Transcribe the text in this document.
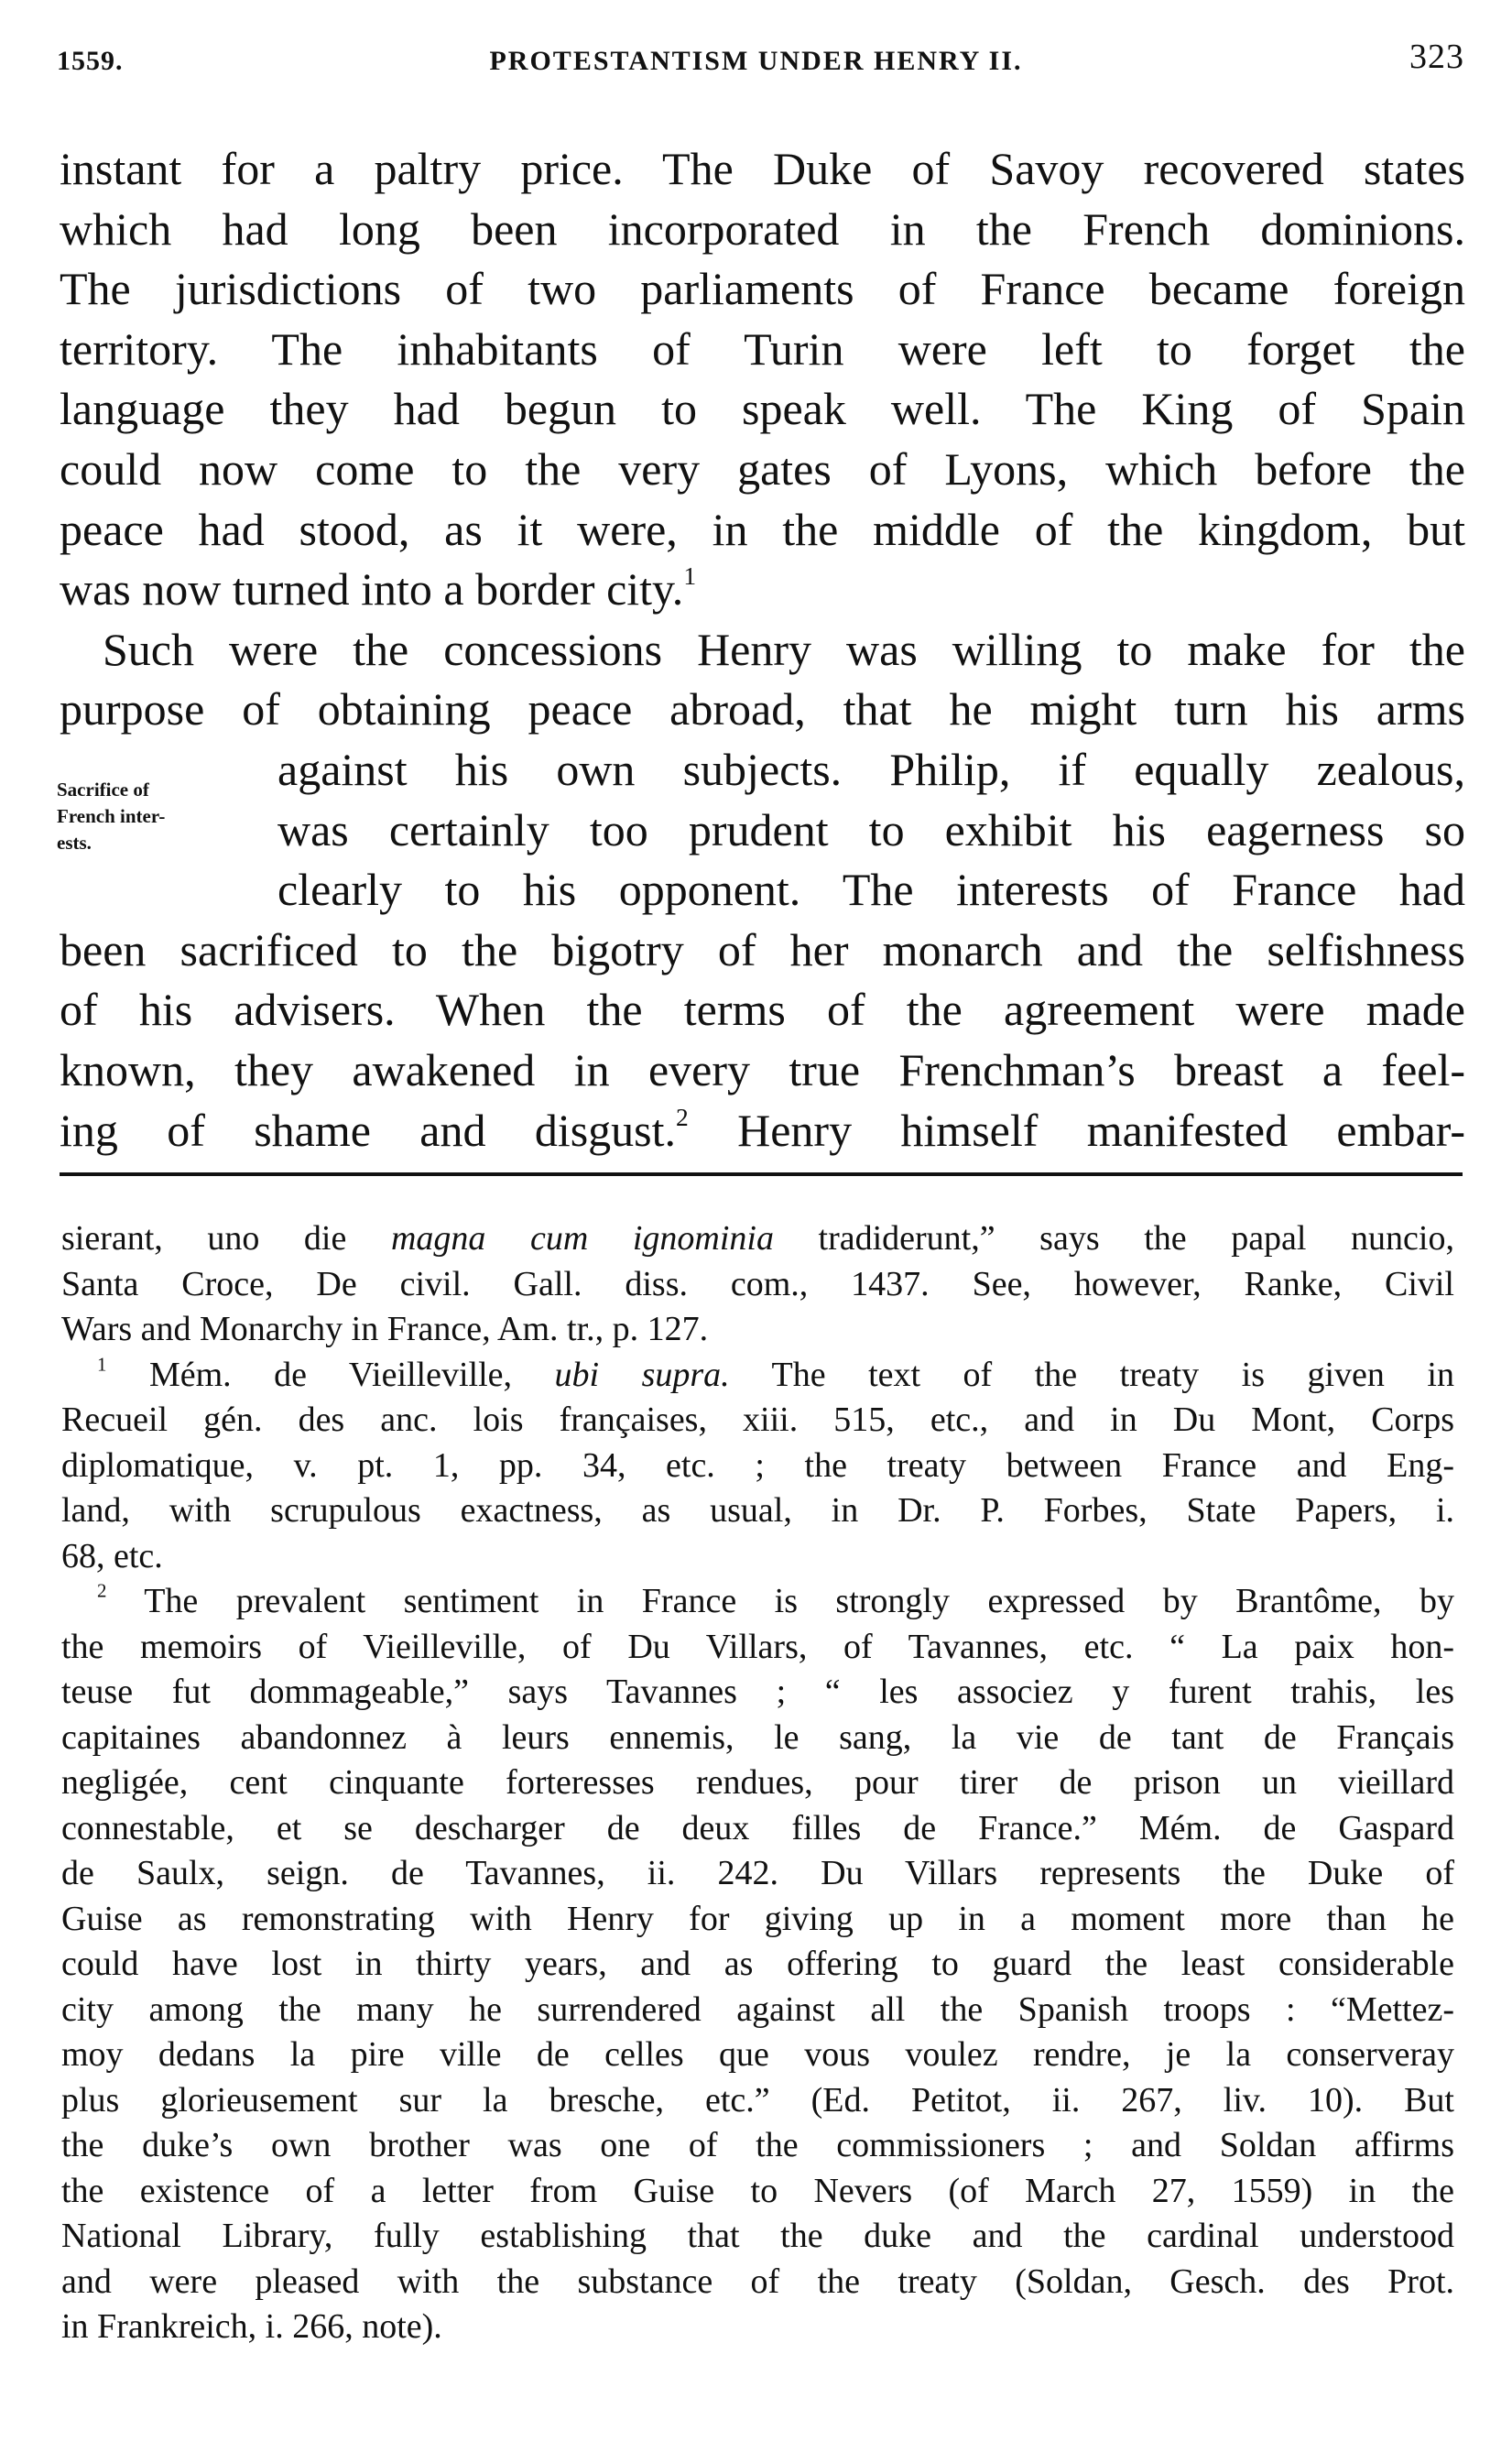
1559.	PROTESTANTISM UNDER HENRY II.	323
instant for a paltry price. The Duke of Savoy recovered states
which had long been incorporated in the French dominions.
The jurisdictions of two parliaments of France became foreign
territory. The inhabitants of Turin were left to forget the
language they had begun to speak well. The King of Spain
could now come to the very gates of Lyons, which before the
peace had stood, as it were, in the middle of the kingdom, but
was now turned into a border city.$^1$
Such were the concessions Henry was willing to make for the
purpose of obtaining peace abroad, that he might turn his arms
against his own subjects. Philip, if equally zealous,
was certainly too prudent to exhibit his eagerness so
clearly to his opponent. The interests of France had
been sacrificed to the bigotry of her monarch and the selfishness
of his advisers. When the terms of the agreement were made
known, they awakened in every true Frenchman’s breast a feel-
ing of shame and disgust.$^2$ Henry himself manifested embar-
Sacrifice of
French inter-
ests.
sierant, uno die magna cum ignominia tradiderunt,” says the papal nuncio,
Santa Croce, De civil. Gall. diss. com., 1437. See, however, Ranke, Civil
Wars and Monarchy in France, Am. tr., p. 127.
$^1$ Mém. de Vieilleville, ubi supra. The text of the treaty is given in
Recueil gén. des anc. lois françaises, xiii. 515, etc., and in Du Mont, Corps
diplomatique, v. pt. 1, pp. 34, etc. ; the treaty between France and Eng-
land, with scrupulous exactness, as usual, in Dr. P. Forbes, State Papers, i.
68, etc.
$^2$ The prevalent sentiment in France is strongly expressed by Brantôme, by
the memoirs of Vieilleville, of Du Villars, of Tavannes, etc. “ La paix hon-
teuse fut dommageable,” says Tavannes ; “ les associez y furent trahis, les
capitaines abandonnez à leurs ennemis, le sang, la vie de tant de Français
negligée, cent cinquante forteresses rendues, pour tirer de prison un vieillard
connestable, et se descharger de deux filles de France.” Mém. de Gaspard
de Saulx, seign. de Tavannes, ii. 242. Du Villars represents the Duke of
Guise as remonstrating with Henry for giving up in a moment more than he
could have lost in thirty years, and as offering to guard the least considerable
city among the many he surrendered against all the Spanish troops : “Mettez-
moy dedans la pire ville de celles que vous voulez rendre, je la conserveray
plus glorieusement sur la bresche, etc.” (Ed. Petitot, ii. 267, liv. 10). But
the duke’s own brother was one of the commissioners ; and Soldan affirms
the existence of a letter from Guise to Nevers (of March 27, 1559) in the
National Library, fully establishing that the duke and the cardinal understood
and were pleased with the substance of the treaty (Soldan, Gesch. des Prot.
in Frankreich, i. 266, note).
